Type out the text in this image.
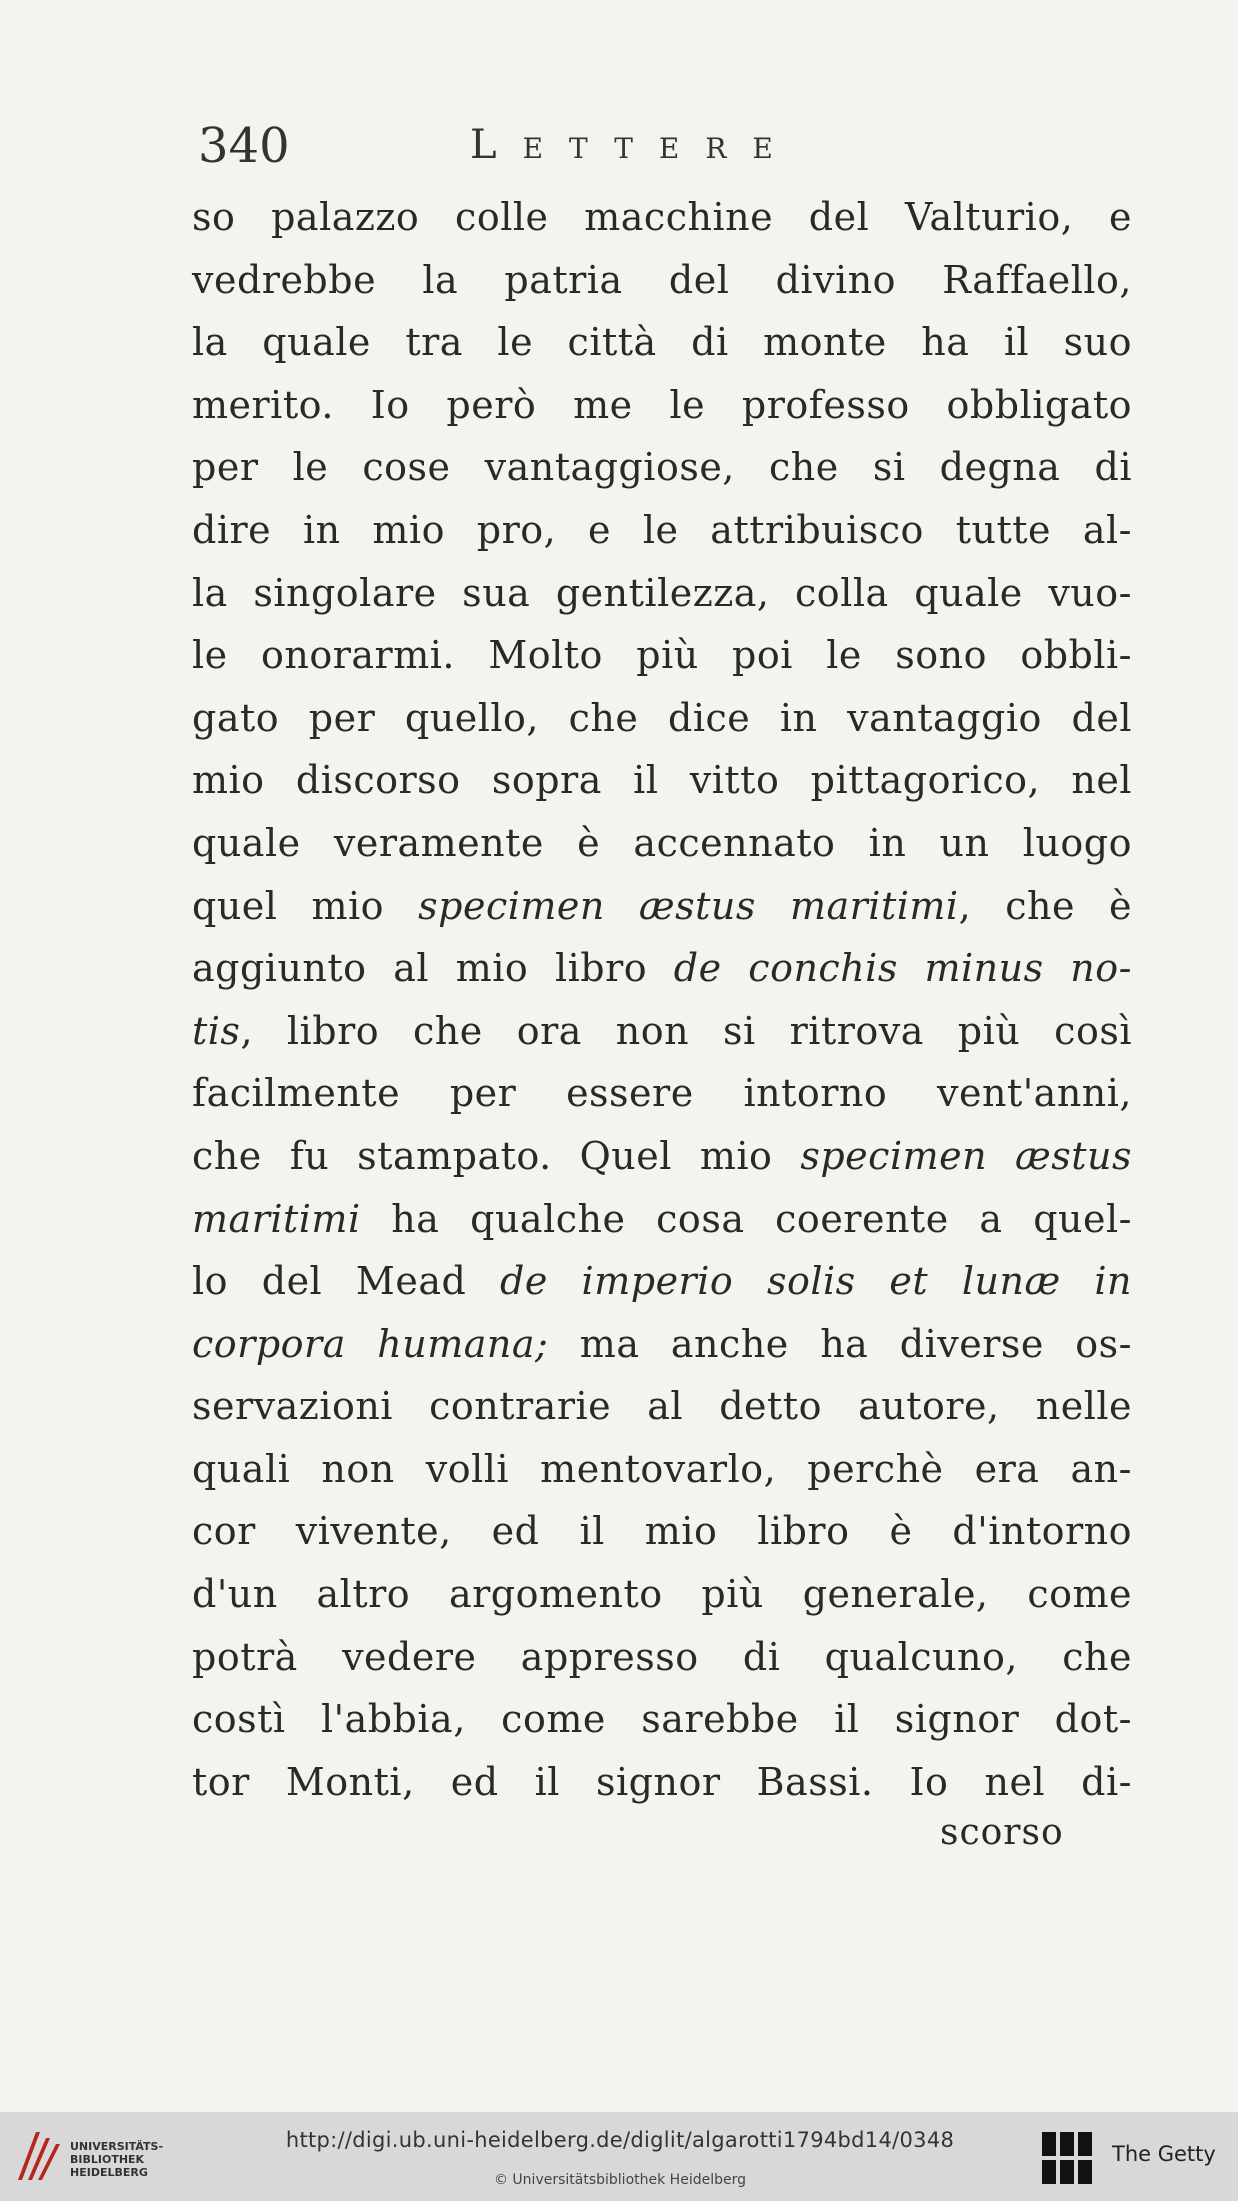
340	Lettere
so palazzo colle macchine del Valturio, e
vedrebbe la patria del divino Raffaello,
la quale tra le città di monte ha il suo
merito. Io però me le professo obbligato
per le cose vantaggiose, che si degna di
dire in mio pro, e le attribuisco tutte al-
la singolare sua gentilezza, colla quale vuo-
le onorarmi. Molto più poi le sono obbli-
gato per quello, che dice in vantaggio del
mio discorso sopra il vitto pittagorico, nel
quale veramente è accennato in un luogo
quel mio specimen æstus maritimi, che è
aggiunto al mio libro de conchis minus no-
tis, libro che ora non si ritrova più così
facilmente per essere intorno vent'anni,
che fu stampato. Quel mio specimen æstus
maritimi ha qualche cosa coerente a quel-
lo del Mead de imperio solis et lunæ in
corpora humana; ma anche ha diverse os-
servazioni contrarie al detto autore, nelle
quali non volli mentovarlo, perchè era an-
cor vivente, ed il mio libro è d'intorno
d'un altro argomento più generale, come
potrà vedere appresso di qualcuno, che
costì l'abbia, come sarebbe il signor dot-
tor Monti, ed il signor Bassi. Io nel di-
scorso
UNIVERSITÄTS-
BIBLIOTHEK
HEIDELBERG
http://digi.ub.uni-heidelberg.de/diglit/algarotti1794bd14/0348
© Universitätsbibliothek Heidelberg
The Getty
